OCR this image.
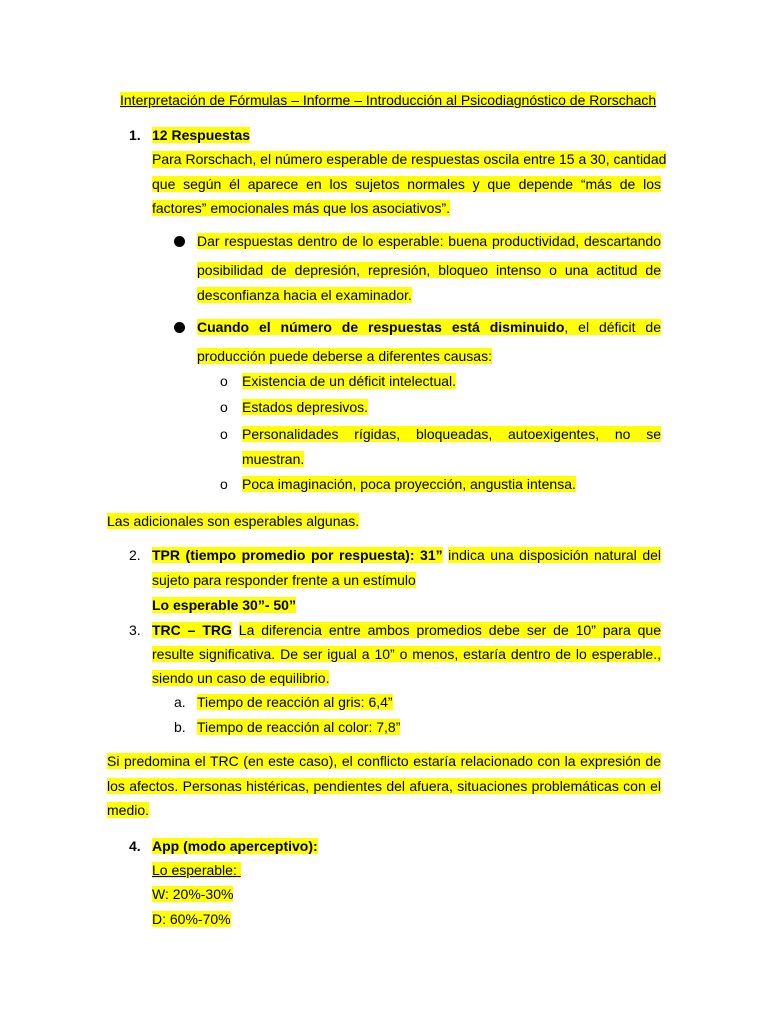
Interpretación de Fórmulas – Informe – Introducción al Psicodiagnóstico de Rorschach
1. 12 Respuestas
Para Rorschach, el número esperable de respuestas oscila entre 15 a 30, cantidad
que según él aparece en los sujetos normales y que depende “más de los
factores” emocionales más que los asociativos”.
Dar respuestas dentro de lo esperable: buena productividad, descartando
posibilidad de depresión, represión, bloqueo intenso o una actitud de
desconfianza hacia el examinador.
Cuando el número de respuestas está disminuido, el déficit de
producción puede deberse a diferentes causas:
o Existencia de un déficit intelectual.
o Estados depresivos.
o Personalidades rígidas, bloqueadas, autoexigentes, no se
muestran.
o Poca imaginación, poca proyección, angustia intensa.
Las adicionales son esperables algunas.
2. TPR (tiempo promedio por respuesta): 31” indica una disposición natural del
sujeto para responder frente a un estímulo
Lo esperable 30”- 50”
3. TRC – TRG La diferencia entre ambos promedios debe ser de 10” para que
resulte significativa. De ser igual a 10” o menos, estaría dentro de lo esperable.,
siendo un caso de equilibrio.
a. Tiempo de reacción al gris: 6,4”
b. Tiempo de reacción al color: 7,8”
Si predomina el TRC (en este caso), el conflicto estaría relacionado con la expresión de
los afectos. Personas histéricas, pendientes del afuera, situaciones problemáticas con el
medio.
4. App (modo aperceptivo):
Lo esperable:
W: 20%-30%
D: 60%-70%
